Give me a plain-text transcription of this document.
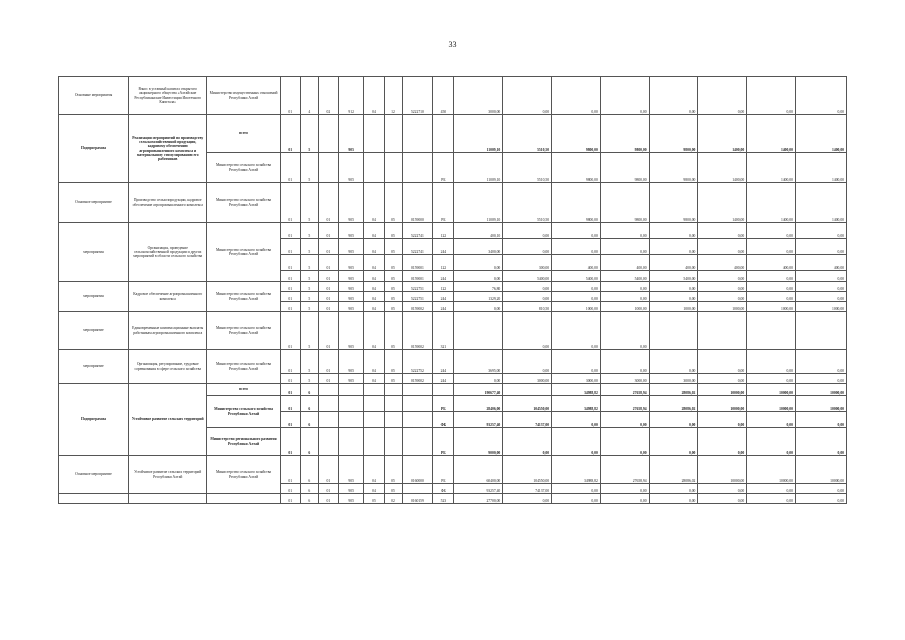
33
Основные мероприятия	Взнос в уставный капитал открытого акционерного общества «Алтайские Республиканские Инвестиции Ипотечного Капитала»	Министерство имущественных отношений Республики Алтай	01	4	02	912	04	12	5222710	450	3000,00	0,00	0,00	0,00	0,00	0,00	0,00	0,00
Подпрограмма	Реализация мероприятий по производству сельскохозяйственной продукции, кадровому обеспечению агропромышленного комплекса и материальному стимулированию его работников	всего	01	5		905					11009,10	5510,50	9800,00	9800,00	9800,00	1400,00	1400,00	1400,00
		Министерство сельского хозяйства Республики Алтай	01	5		905				РБ	11009,10	5510,50	9800,00	9800,00	9800,00	1400,00	1400,00	1400,00
Основное мероприятие	Производство сельхозпродукции, кадровое обеспечение агропромышленного комплекса	Министерство сельского хозяйства Республики Алтай	01	5	01	905	04	05	0159000	РБ	11009,10	5510,50	9800,00	9800,00	9800,00	1400,00	1400,00	1400,00
мероприятия	Организация, проведение сельскохозяйственной продукции и других мероприятий в области сельского хозяйства	Министерство сельского хозяйства Республики Алтай	01	5	01	905	04	05	5222741	122	400,10	0,00	0,00	0,00	0,00	0,00	0,00	0,00
			01	5	01	905	04	05	5222741	244	3400,00	0,00	0,00	0,00	0,00	0,00	0,00	0,00
			01	5	01	905	04	05	0159001	122	0,00	300,00	400,00	400,00	400,00	400,00	400,00	400,00
			01	5	01	905	04	05	0159001	244	0,00	5400,00	5400,00	5400,00	5400,00	0,00	0,00	0,00
мероприятия	Кадровое обеспечение агропромышленного комплекса	Министерство сельского хозяйства Республики Алтай	01	5	01	905	04	05	5222751	122	76,80	0,00	0,00	0,00	0,00	0,00	0,00	0,00
			01	5	01	905	04	05	5222751	244	1329,20	0,00	0,00	0,00	0,00	0,00	0,00	0,00
			01	5	01	905	04	05	0159002	244	0,00	810,50	1000,00	1000,00	1000,00	1000,00	1000,00	1000,00
мероприятие	Единовременные компенсационные выплаты работникам агропромышленного комплекса	Министерство сельского хозяйства Республики Алтай	01	5	01	905	04	05	0159002	321		0,00	0,00	0,00				
мероприятие	Организация, регулирование, трудовые соревнования в сфере сельского хозяйства	Министерство сельского хозяйства Республики Алтай	01	5	01	905	04	05	5222752	244	3695,00	0,00	0,00	0,00	0,00	0,00	0,00	0,00
			01	5	01	905	04	05	0159002	244	0,00	3000,00	3000,00	3000,00	3000,00	0,00	0,00	0,00
Подпрограмма	Устойчивое развитие сельских территорий	всего	01	6							190677,40		34988,82	27658,94	28086,02	10000,00	10000,00	10000,00
		Министерство сельского хозяйства Республики Алтай	01	6						РБ	28406,00	104550,00	34988,82	27658,94	28086,02	10000,00	10000,00	10000,00
			01	6						ФБ	93257,40	74137,00	0,00	0,00	0,00	0,00	0,00	0,00
		Министерство регионального развития Республики Алтай	01	6						РБ	9000,00	0,00	0,00	0,00	0,00	0,00	0,00	0,00
Основное мероприятие	Устойчивое развитие сельских территорий Республики Алтай	Министерство сельского хозяйства Республики Алтай	01	6	01	905	04	05	0160000	РБ	60400,00	104550,00	34988,82	27658,94	28086,02	10000,00	10000,00	10000,00
			01	6	01	905	04	05		ФБ	93257,40	74137,00	0,00	0,00	0,00	0,00	0,00	0,00
			01	6	01	905	05	02	0160159	523	27700,00	0,00	0,00	0,00	0,00	0,00	0,00	0,00
